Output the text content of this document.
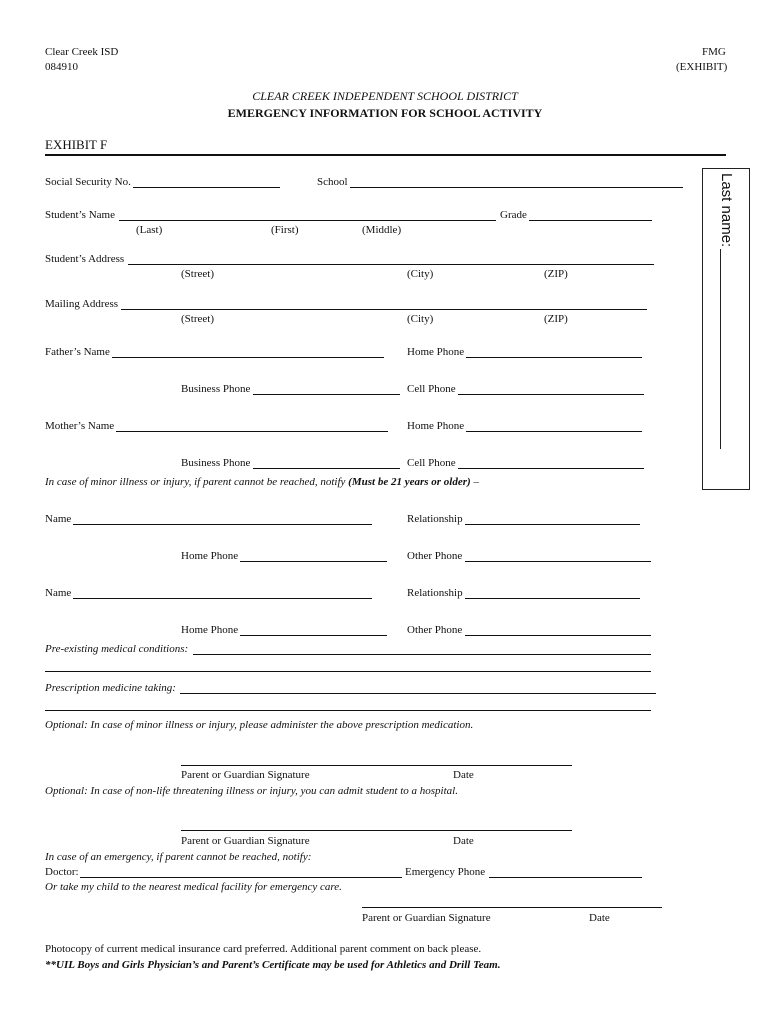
Clear Creek ISD
084910
FMG
(EXHIBIT)
CLEAR CREEK INDEPENDENT SCHOOL DISTRICT
EMERGENCY INFORMATION FOR SCHOOL ACTIVITY
EXHIBIT F
Last name:
Social Security No.	School
Student’s Name	Grade
(Last)	(First)	(Middle)
Student’s Address
(Street)	(City)	(ZIP)
Mailing Address
(Street)	(City)	(ZIP)
Father’s Name	Home Phone
Business Phone	Cell Phone
Mother’s Name	Home Phone
Business Phone	Cell Phone
In case of minor illness or injury, if parent cannot be reached, notify (Must be 21 years or older) –
Name	Relationship
Home Phone	Other Phone
Name	Relationship
Home Phone	Other Phone
Pre-existing medical conditions:
Prescription medicine taking:
Optional: In case of minor illness or injury, please administer the above prescription medication.
Parent or Guardian Signature	Date
Optional: In case of non-life threatening illness or injury, you can admit student to a hospital.
Parent or Guardian Signature	Date
In case of an emergency, if parent cannot be reached, notify:
Doctor:	Emergency Phone
Or take my child to the nearest medical facility for emergency care.
Parent or Guardian Signature	Date
Photocopy of current medical insurance card preferred. Additional parent comment on back please.
**UIL Boys and Girls Physician’s and Parent’s Certificate may be used for Athletics and Drill Team.
